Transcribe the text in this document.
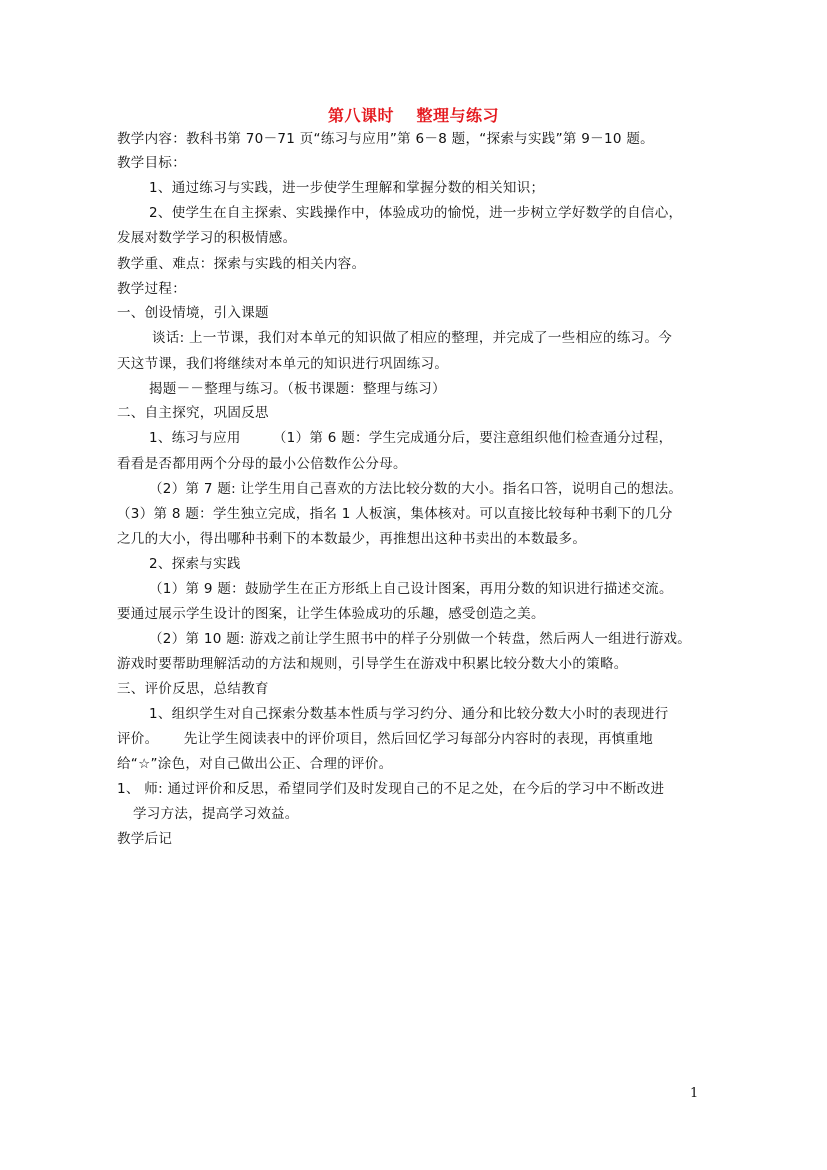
第八课时　 整理与练习
教学内容：教科书第 70－71 页“练习与应用”第 6－8 题，“探索与实践”第 9－10 题。
教学目标：
1、通过练习与实践，进一步使学生理解和掌握分数的相关知识；
2、使学生在自主探索、实践操作中，体验成功的愉悦，进一步树立学好数学的自信心，
发展对数学学习的积极情感。
教学重、难点：探索与实践的相关内容。
教学过程：
一、创设情境，引入课题
谈话: 上一节课，我们对本单元的知识做了相应的整理，并完成了一些相应的练习。今
天这节课，我们将继续对本单元的知识进行巩固练习。
揭题－－整理与练习。（板书课题：整理与练习）
二、自主探究，巩固反思
1、练习与应用　　 （1）第 6 题：学生完成通分后，要注意组织他们检查通分过程，
看看是否都用两个分母的最小公倍数作公分母。
（2）第 7 题: 让学生用自己喜欢的方法比较分数的大小。指名口答，说明自己的想法。
（3）第 8 题：学生独立完成，指名 1 人板演，集体核对。可以直接比较每种书剩下的几分
之几的大小，得出哪种书剩下的本数最少，再推想出这种书卖出的本数最多。
2、探索与实践
（1）第 9 题：鼓励学生在正方形纸上自己设计图案，再用分数的知识进行描述交流。
要通过展示学生设计的图案，让学生体验成功的乐趣，感受创造之美。
（2）第 10 题: 游戏之前让学生照书中的样子分别做一个转盘，然后两人一组进行游戏。
游戏时要帮助理解活动的方法和规则，引导学生在游戏中积累比较分数大小的策略。
三、评价反思，总结教育
1、组织学生对自己探索分数基本性质与学习约分、通分和比较分数大小时的表现进行
评价。　　 先让学生阅读表中的评价项目，然后回忆学习每部分内容时的表现，再慎重地
给“☆”涂色，对自己做出公正、合理的评价。
1、 师: 通过评价和反思，希望同学们及时发现自己的不足之处，在今后的学习中不断改进
学习方法，提高学习效益。
教学后记
1
